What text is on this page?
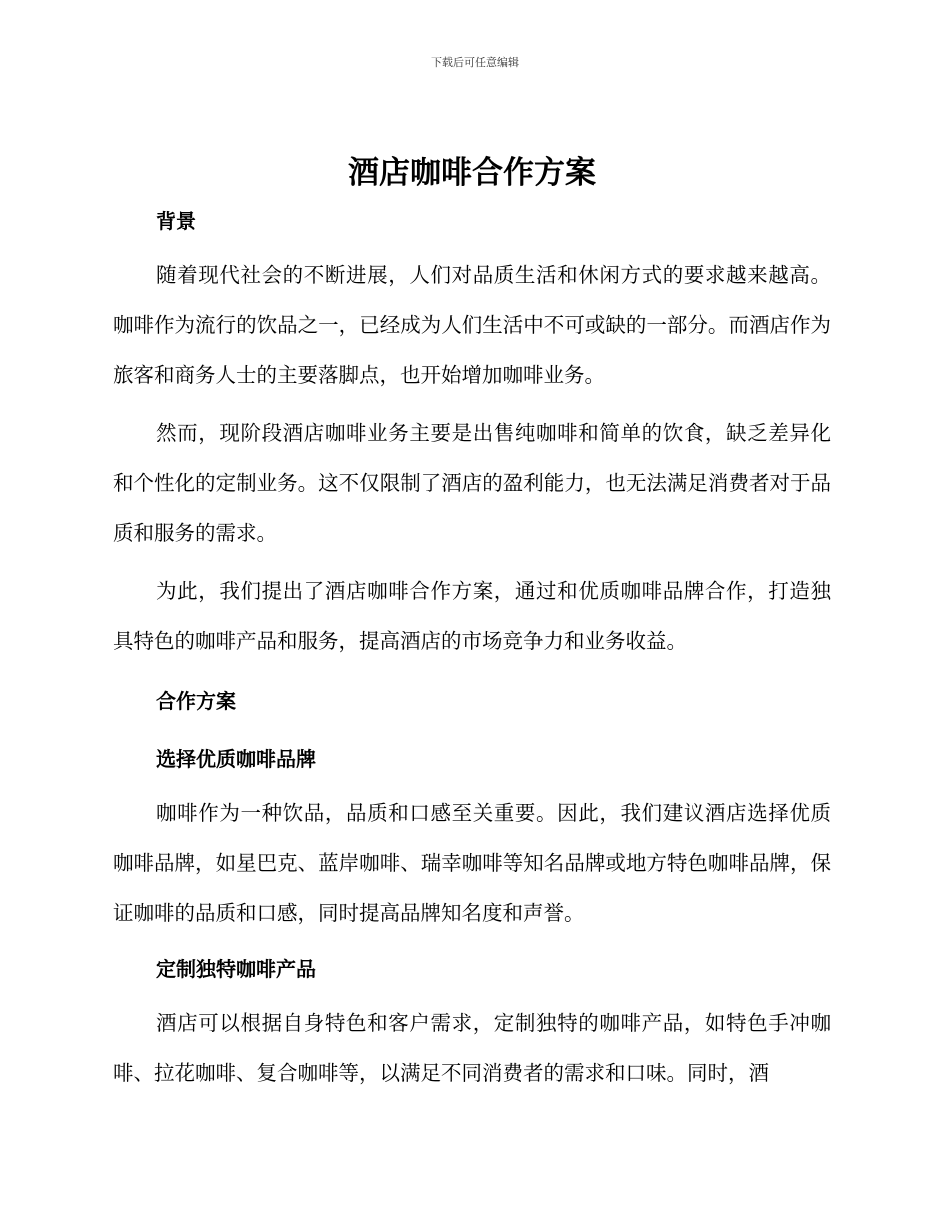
下载后可任意编辑
酒店咖啡合作方案
背景

随着现代社会的不断进展，人们对品质生活和休闲方式的要求越来越高。咖啡作为流行的饮品之一，已经成为人们生活中不可或缺的一部分。而酒店作为旅客和商务人士的主要落脚点，也开始增加咖啡业务。

然而，现阶段酒店咖啡业务主要是出售纯咖啡和简单的饮食，缺乏差异化和个性化的定制业务。这不仅限制了酒店的盈利能力，也无法满足消费者对于品质和服务的需求。

为此，我们提出了酒店咖啡合作方案，通过和优质咖啡品牌合作，打造独具特色的咖啡产品和服务，提高酒店的市场竞争力和业务收益。

合作方案
选择优质咖啡品牌

咖啡作为一种饮品，品质和口感至关重要。因此，我们建议酒店选择优质咖啡品牌，如星巴克、蓝岸咖啡、瑞幸咖啡等知名品牌或地方特色咖啡品牌，保证咖啡的品质和口感，同时提高品牌知名度和声誉。

定制独特咖啡产品

酒店可以根据自身特色和客户需求，定制独特的咖啡产品，如特色手冲咖啡、拉花咖啡、复合咖啡等，以满足不同消费者的需求和口味。同时，酒
